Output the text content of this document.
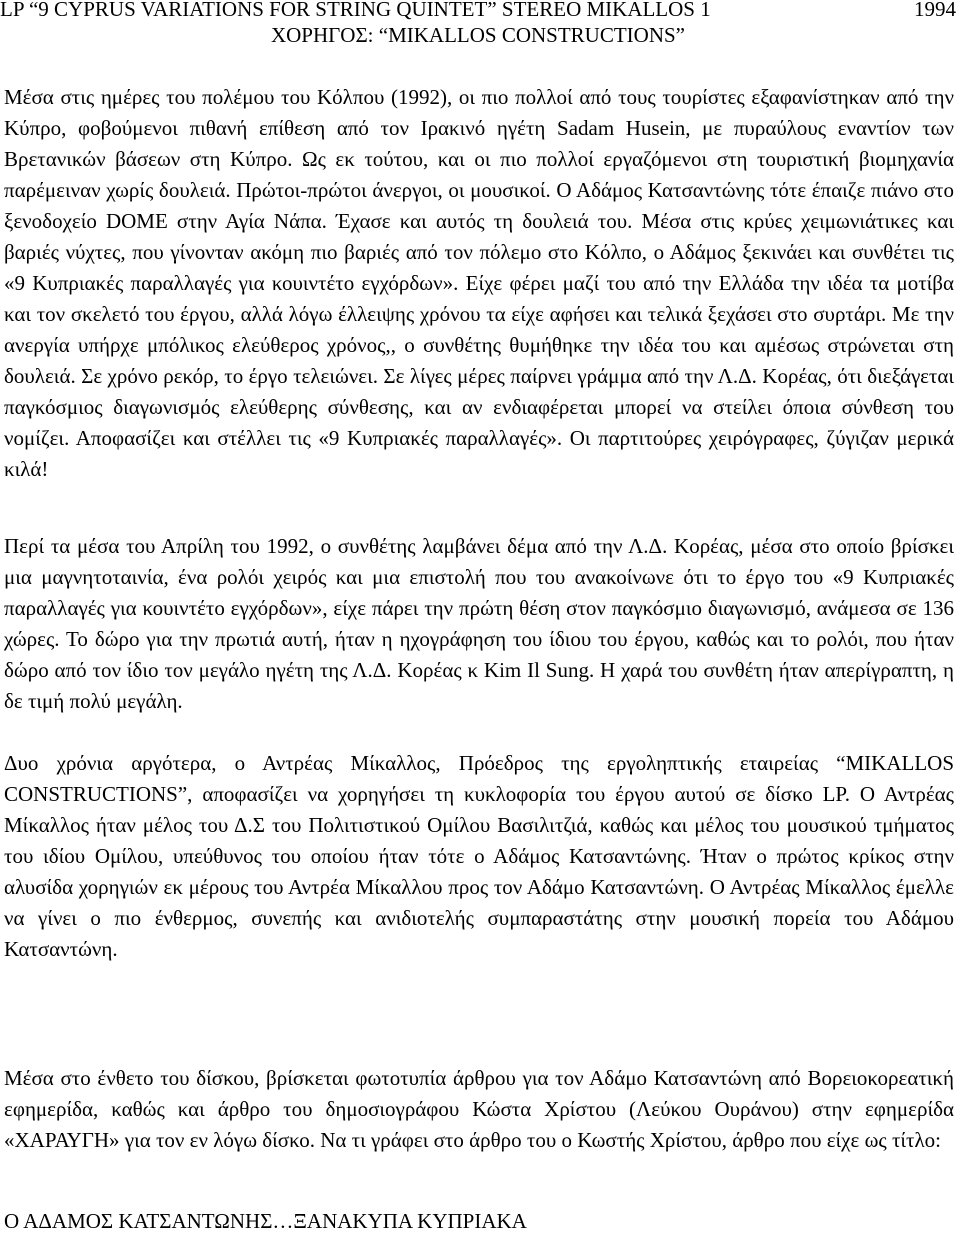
LP “9 CYPRUS VARIATIONS FOR STRING QUINTET” STEREO MIKALLOS 1	1994
ΧΟΡΗΓΟΣ: “MIKALLOS CONSTRUCTIONS”

Μέσα στις ημέρες του πολέμου του Κόλπου (1992), οι πιο πολλοί από τους τουρίστες εξαφανίστηκαν από την Κύπρο, φοβούμενοι πιθανή επίθεση από τον Ιρακινό ηγέτη Sadam Husein, με πυραύλους εναντίον των Βρετανικών βάσεων στη Κύπρο. Ως εκ τούτου, και οι πιο πολλοί εργαζόμενοι στη τουριστική βιομηχανία παρέμειναν χωρίς δουλειά. Πρώτοι-πρώτοι άνεργοι, οι μουσικοί. Ο Αδάμος Κατσαντώνης τότε έπαιζε πιάνο στο ξενοδοχείο DOME στην Αγία Νάπα. Έχασε και αυτός τη δουλειά του. Μέσα στις κρύες χειμωνιάτικες και βαριές νύχτες, που γίνονταν ακόμη πιο βαριές από τον πόλεμο στο Κόλπο, ο Αδάμος ξεκινάει και συνθέτει τις «9 Κυπριακές παραλλαγές για κουιντέτο εγχόρδων». Είχε φέρει μαζί του από την Ελλάδα την ιδέα τα μοτίβα και τον σκελετό του έργου, αλλά λόγω έλλειψης χρόνου τα είχε αφήσει και τελικά ξεχάσει στο συρτάρι. Με την ανεργία υπήρχε μπόλικος ελεύθερος χρόνος,, ο συνθέτης θυμήθηκε την ιδέα του και αμέσως στρώνεται στη δουλειά. Σε χρόνο ρεκόρ, το έργο τελειώνει. Σε λίγες μέρες παίρνει γράμμα από την Λ.Δ. Κορέας, ότι διεξάγεται παγκόσμιος διαγωνισμός ελεύθερης σύνθεσης, και αν ενδιαφέρεται μπορεί να στείλει όποια σύνθεση του νομίζει. Αποφασίζει και στέλλει τις «9 Κυπριακές παραλλαγές». Οι παρτιτούρες χειρόγραφες, ζύγιζαν μερικά κιλά!

Περί τα μέσα του Απρίλη του 1992, ο συνθέτης λαμβάνει δέμα από την Λ.Δ. Κορέας, μέσα στο οποίο βρίσκει μια μαγνητοταινία, ένα ρολόι χειρός και μια επιστολή που του ανακοίνωνε ότι το έργο του «9 Κυπριακές παραλλαγές για κουιντέτο εγχόρδων», είχε πάρει την πρώτη θέση στον παγκόσμιο διαγωνισμό, ανάμεσα σε 136 χώρες. Το δώρο για την πρωτιά αυτή, ήταν η ηχογράφηση του ίδιου του έργου, καθώς και το ρολόι, που ήταν δώρο από τον ίδιο τον μεγάλο ηγέτη της Λ.Δ. Κορέας κ Kim Il Sung. Η χαρά του συνθέτη ήταν απερίγραπτη, η δε τιμή πολύ μεγάλη.

Δυο χρόνια αργότερα, ο Αντρέας Μίκαλλος, Πρόεδρος της εργοληπτικής εταιρείας “MIKALLOS CONSTRUCTIONS”, αποφασίζει να χορηγήσει τη κυκλοφορία του έργου αυτού σε δίσκο LP. Ο Αντρέας Μίκαλλος ήταν μέλος του Δ.Σ του Πολιτιστικού Ομίλου Βασιλιτζιά, καθώς και μέλος του μουσικού τμήματος του ιδίου Ομίλου, υπεύθυνος του οποίου ήταν τότε ο Αδάμος Κατσαντώνης. Ήταν ο πρώτος κρίκος στην αλυσίδα χορηγιών εκ μέρους του Αντρέα Μίκαλλου προς τον Αδάμο Κατσαντώνη. Ο Αντρέας Μίκαλλος έμελλε να γίνει ο πιο ένθερμος, συνεπής και ανιδιοτελής συμπαραστάτης στην μουσική πορεία του Αδάμου Κατσαντώνη.

Μέσα στο ένθετο του δίσκου, βρίσκεται φωτοτυπία άρθρου για τον Αδάμο Κατσαντώνη από Βορειοκορεατική εφημερίδα, καθώς και άρθρο του δημοσιογράφου Κώστα Χρίστου (Λεύκου Ουράνου) στην εφημερίδα «ΧΑΡΑΥΓΗ» για τον εν λόγω δίσκο. Να τι γράφει στο άρθρο του ο Κωστής Χρίστου, άρθρο που είχε ως τίτλο:

Ο ΑΔΑΜΟΣ ΚΑΤΣΑΝΤΩΝΗΣ…ΞΑΝΑΚΥΠΑ ΚΥΠΡΙΑΚΑ
